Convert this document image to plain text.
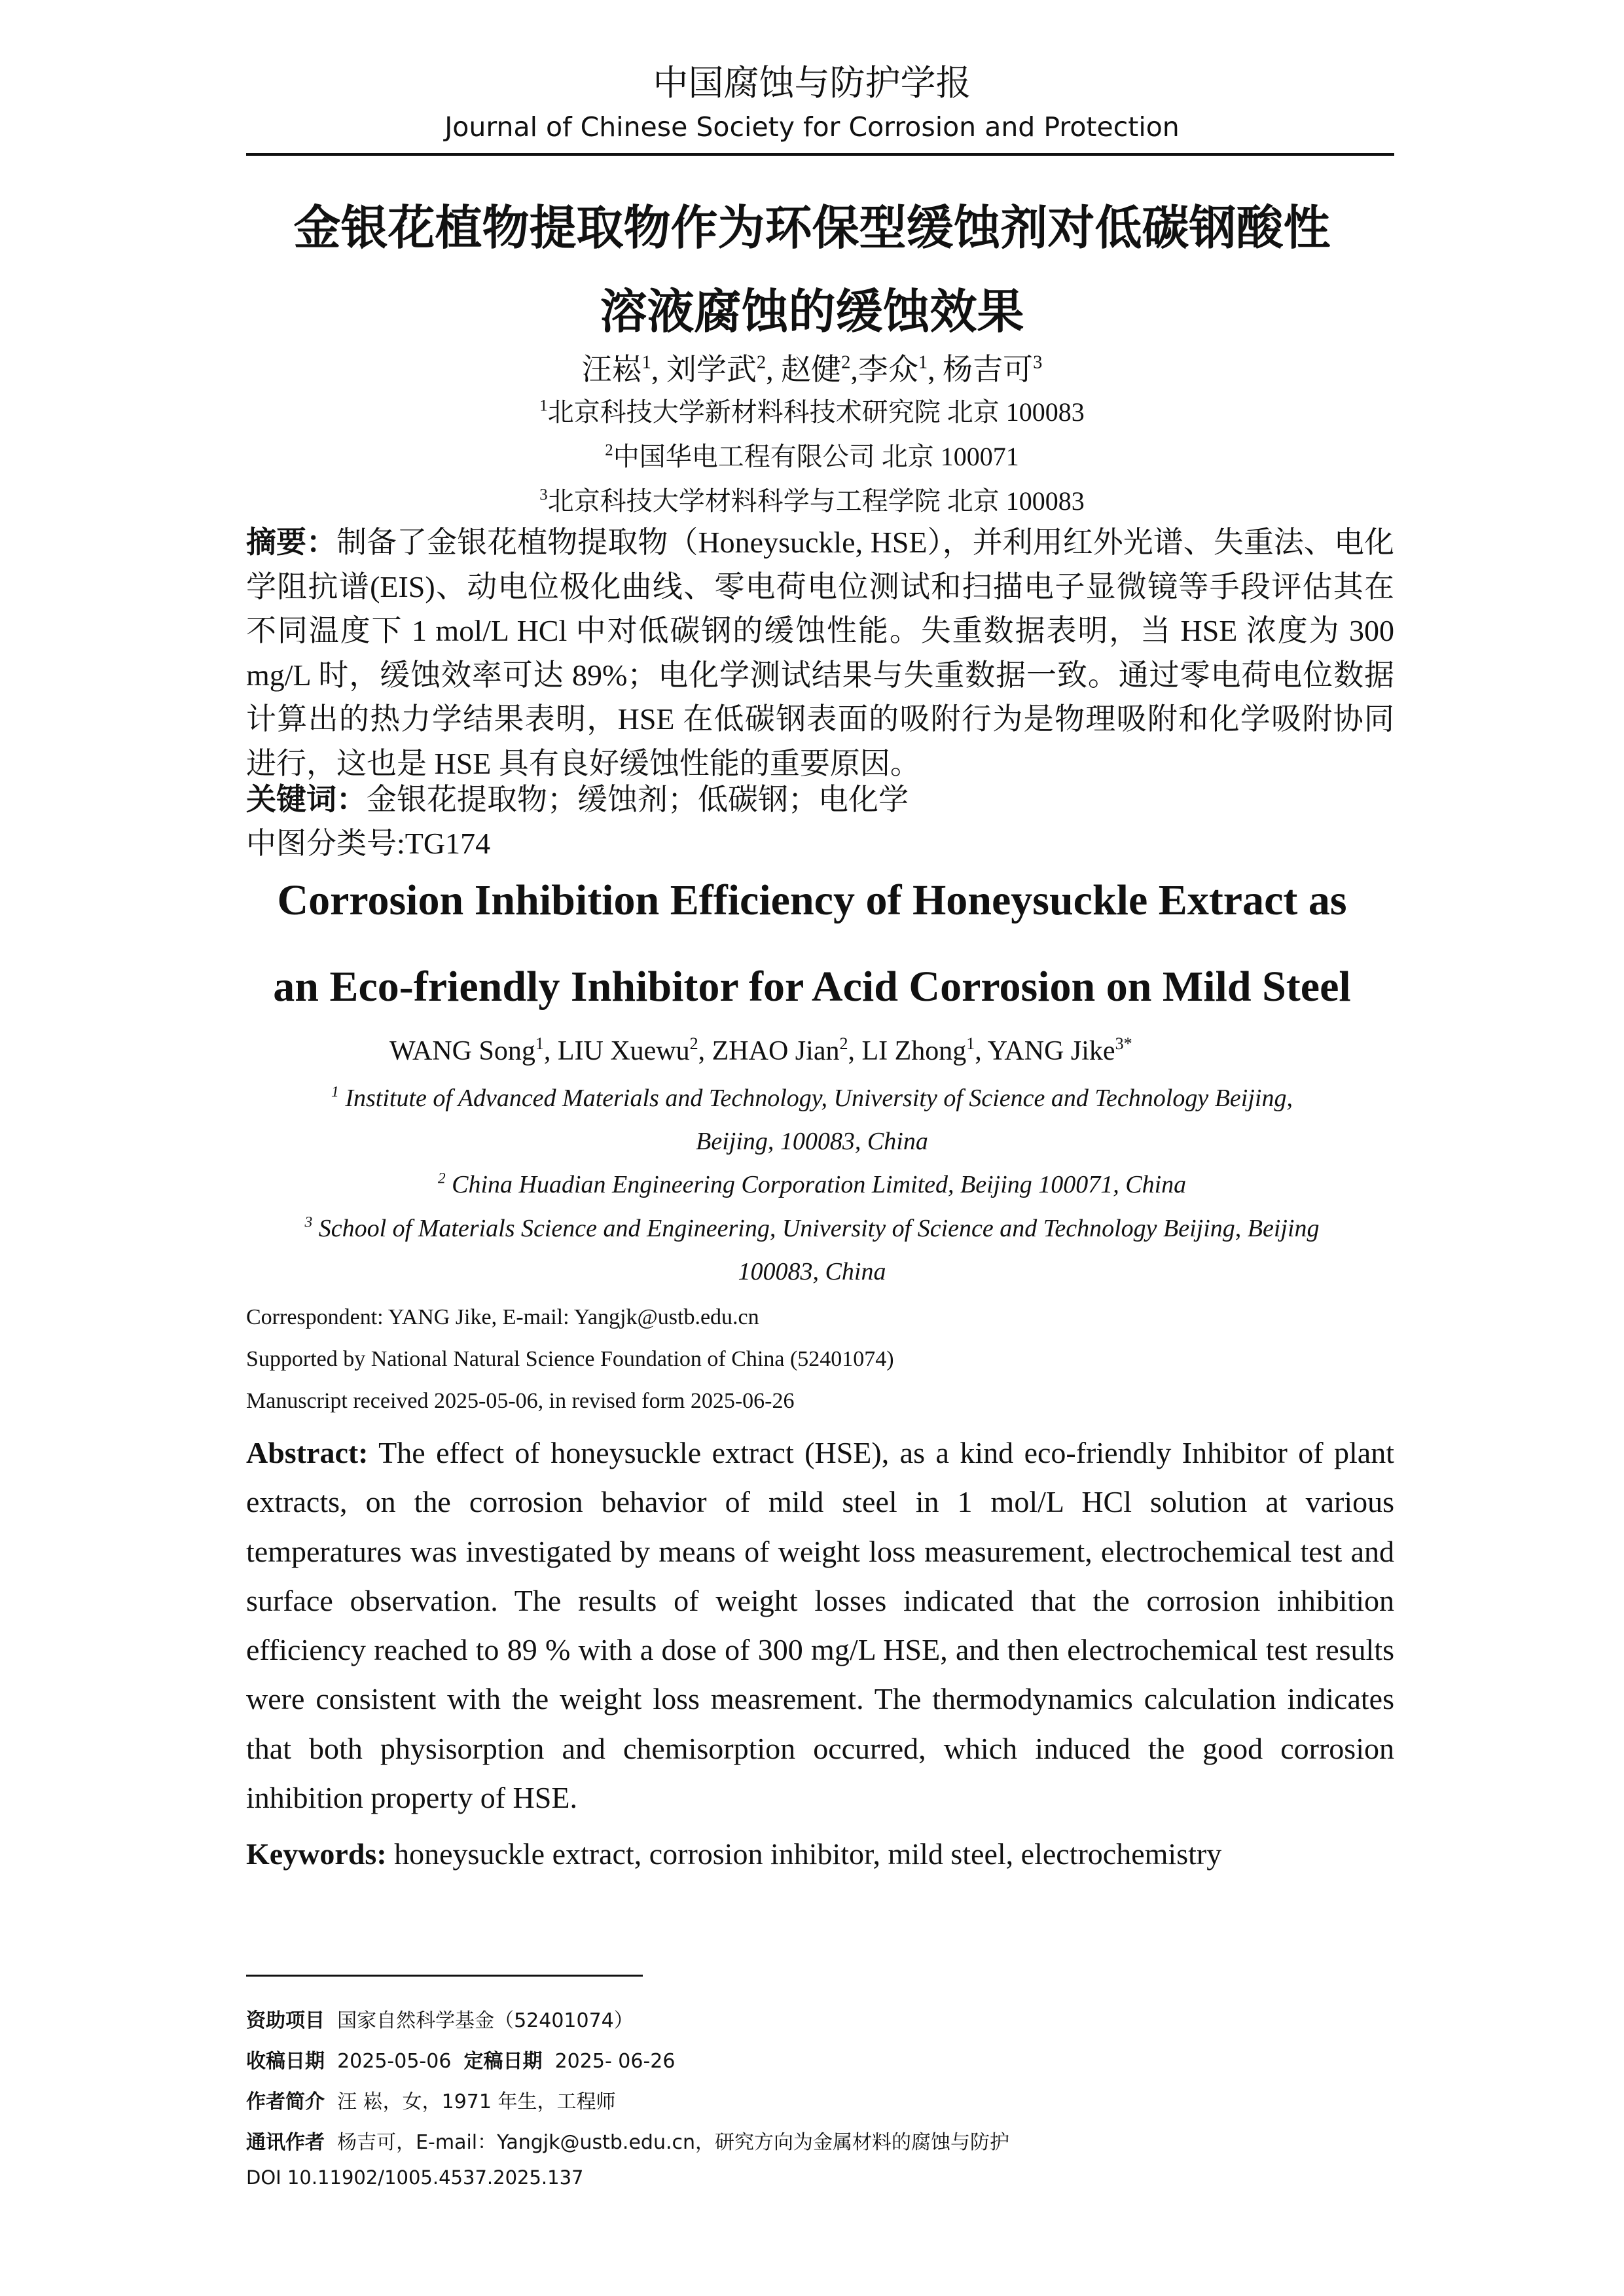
中国腐蚀与防护学报
Journal of Chinese Society for Corrosion and Protection
金银花植物提取物作为环保型缓蚀剂对低碳钢酸性
溶液腐蚀的缓蚀效果
汪崧$^1$, 刘学武$^2$, 赵健$^2$,李众$^1$, 杨吉可$^3$
$^1$北京科技大学新材料科技术研究院 北京 100083
$^2$中国华电工程有限公司 北京 100071
$^3$北京科技大学材料科学与工程学院 北京 100083
摘要：制备了金银花植物提取物（Honeysuckle, HSE），并利用红外光谱、失重法、电化学阻抗谱(EIS)、动电位极化曲线、零电荷电位测试和扫描电子显微镜等手段评估其在不同温度下 1 mol/L HCl 中对低碳钢的缓蚀性能。失重数据表明，当 HSE 浓度为 300 mg/L 时，缓蚀效率可达 89%；电化学测试结果与失重数据一致。通过零电荷电位数据计算出的热力学结果表明，HSE 在低碳钢表面的吸附行为是物理吸附和化学吸附协同进行，这也是 HSE 具有良好缓蚀性能的重要原因。
关键词：金银花提取物；缓蚀剂；低碳钢；电化学
中图分类号:TG174
Corrosion Inhibition Efficiency of Honeysuckle Extract as
an Eco-friendly Inhibitor for Acid Corrosion on Mild Steel
WANG Song$^1$, LIU Xuewu$^2$, ZHAO Jian$^2$, LI Zhong$^1$, YANG Jike$^{3*}$
$^1$ Institute of Advanced Materials and Technology, University of Science and Technology Beijing,
Beijing, 100083, China
$^2$ China Huadian Engineering Corporation Limited, Beijing 100071, China
$^3$ School of Materials Science and Engineering, University of Science and Technology Beijing, Beijing
100083, China
Correspondent: YANG Jike, E-mail: Yangjk@ustb.edu.cn
Supported by National Natural Science Foundation of China (52401074)
Manuscript received 2025-05-06, in revised form 2025-06-26
Abstract: The effect of honeysuckle extract (HSE), as a kind eco-friendly Inhibitor of plant extracts, on the corrosion behavior of mild steel in 1 mol/L HCl solution at various temperatures was investigated by means of weight loss measurement, electrochemical test and surface observation. The results of weight losses indicated that the corrosion inhibition efficiency reached to 89 % with a dose of 300 mg/L HSE, and then electrochemical test results were consistent with the weight loss measrement. The thermodynamics calculation indicates that both physisorption and chemisorption occurred, which induced the good corrosion inhibition property of HSE.
Keywords: honeysuckle extract, corrosion inhibitor, mild steel, electrochemistry
资助项目 国家自然科学基金（52401074）
收稿日期 2025-05-06 定稿日期 2025- 06-26
作者简介 汪 崧，女，1971 年生，工程师
通讯作者 杨吉可，E-mail：Yangjk@ustb.edu.cn，研究方向为金属材料的腐蚀与防护
DOI 10.11902/1005.4537.2025.137
